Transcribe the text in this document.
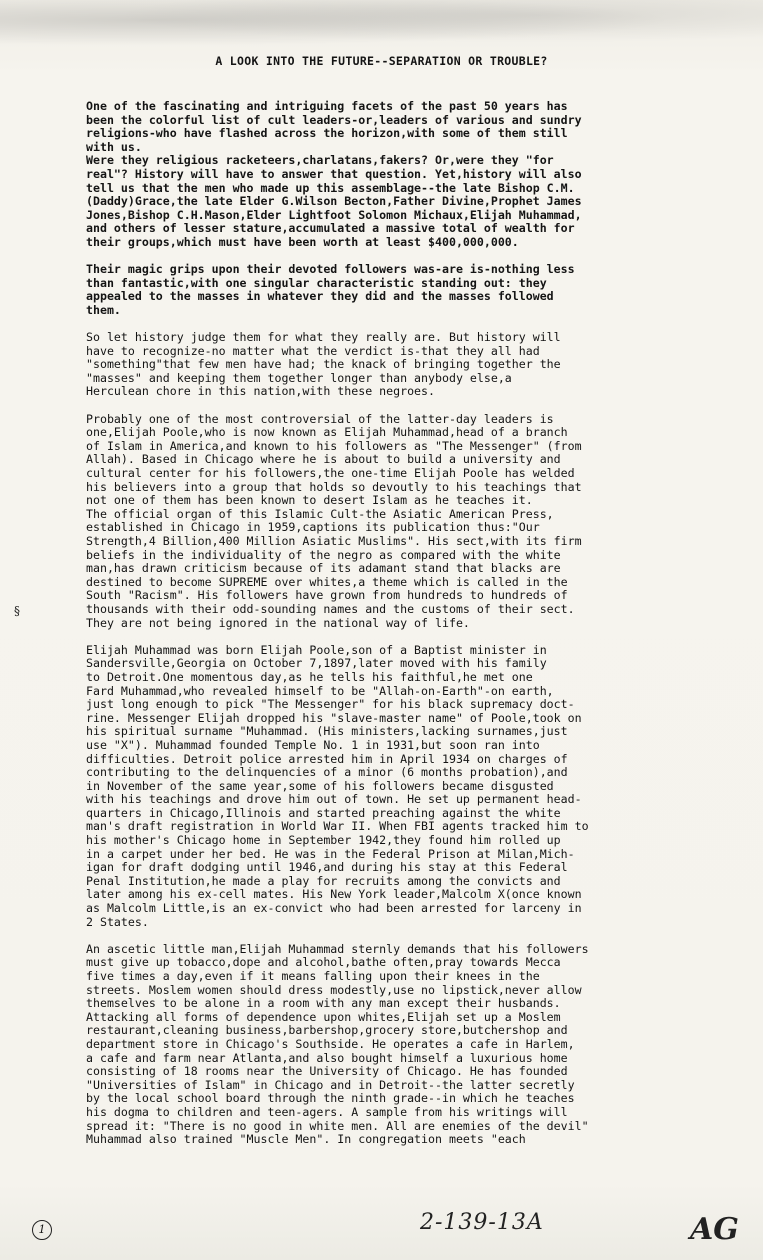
A LOOK INTO THE FUTURE--SEPARATION OR TROUBLE?
One of the fascinating and intriguing facets of the past 50 years has
been the colorful list of cult leaders-or,leaders of various and sundry
religions-who have flashed across the horizon,with some of them still
with us.
Were they religious racketeers,charlatans,fakers? Or,were they "for
real"? History will have to answer that question. Yet,history will also
tell us that the men who made up this assemblage--the late Bishop C.M.
(Daddy)Grace,the late Elder G.Wilson Becton,Father Divine,Prophet James
Jones,Bishop C.H.Mason,Elder Lightfoot Solomon Michaux,Elijah Muhammad,
and others of lesser stature,accumulated a massive total of wealth for
their groups,which must have been worth at least $400,000,000.
Their magic grips upon their devoted followers was-are is-nothing less
than fantastic,with one singular characteristic standing out: they
appealed to the masses in whatever they did and the masses followed
them.
So let history judge them for what they really are. But history will
have to recognize-no matter what the verdict is-that they all had
"something"that few men have had; the knack of bringing together the
"masses" and keeping them together longer than anybody else,a
Herculean chore in this nation,with these negroes.
Probably one of the most controversial of the latter-day leaders is
one,Elijah Poole,who is now known as Elijah Muhammad,head of a branch
of Islam in America,and known to his followers as "The Messenger" (from
Allah). Based in Chicago where he is about to build a university and
cultural center for his followers,the one-time Elijah Poole has welded
his believers into a group that holds so devoutly to his teachings that
not one of them has been known to desert Islam as he teaches it.
The official organ of this Islamic Cult-the Asiatic American Press,
established in Chicago in 1959,captions its publication thus:"Our
Strength,4 Billion,400 Million Asiatic Muslims". His sect,with its firm
beliefs in the individuality of the negro as compared with the white
man,has drawn criticism because of its adamant stand that blacks are
destined to become SUPREME over whites,a theme which is called in the
South "Racism". His followers have grown from hundreds to hundreds of
thousands with their odd-sounding names and the customs of their sect.
They are not being ignored in the national way of life.
Elijah Muhammad was born Elijah Poole,son of a Baptist minister in
Sandersville,Georgia on October 7,1897,later moved with his family
to Detroit.One momentous day,as he tells his faithful,he met one
Fard Muhammad,who revealed himself to be "Allah-on-Earth"-on earth,
just long enough to pick "The Messenger" for his black supremacy doct-
rine. Messenger Elijah dropped his "slave-master name" of Poole,took on
his spiritual surname "Muhammad. (His ministers,lacking surnames,just
use "X"). Muhammad founded Temple No. 1 in 1931,but soon ran into
difficulties. Detroit police arrested him in April 1934 on charges of
contributing to the delinquencies of a minor (6 months probation),and
in November of the same year,some of his followers became disgusted
with his teachings and drove him out of town. He set up permanent head-
quarters in Chicago,Illinois and started preaching against the white
man's draft registration in World War II. When FBI agents tracked him to
his mother's Chicago home in September 1942,they found him rolled up
in a carpet under her bed. He was in the Federal Prison at Milan,Mich-
igan for draft dodging until 1946,and during his stay at this Federal
Penal Institution,he made a play for recruits among the convicts and
later among his ex-cell mates. His New York leader,Malcolm X(once known
as Malcolm Little,is an ex-convict who had been arrested for larceny in
2 States.
An ascetic little man,Elijah Muhammad sternly demands that his followers
must give up tobacco,dope and alcohol,bathe often,pray towards Mecca
five times a day,even if it means falling upon their knees in the
streets. Moslem women should dress modestly,use no lipstick,never allow
themselves to be alone in a room with any man except their husbands.
Attacking all forms of dependence upon whites,Elijah set up a Moslem
restaurant,cleaning business,barbershop,grocery store,butchershop and
department store in Chicago's Southside. He operates a cafe in Harlem,
a cafe and farm near Atlanta,and also bought himself a luxurious home
consisting of 18 rooms near the University of Chicago. He has founded
"Universities of Islam" in Chicago and in Detroit--the latter secretly
by the local school board through the ninth grade--in which he teaches
his dogma to children and teen-agers. A sample from his writings will
spread it: "There is no good in white men. All are enemies of the devil"
Muhammad also trained "Muscle Men". In congregation meets "each
§
1	2-139-13A	AG
